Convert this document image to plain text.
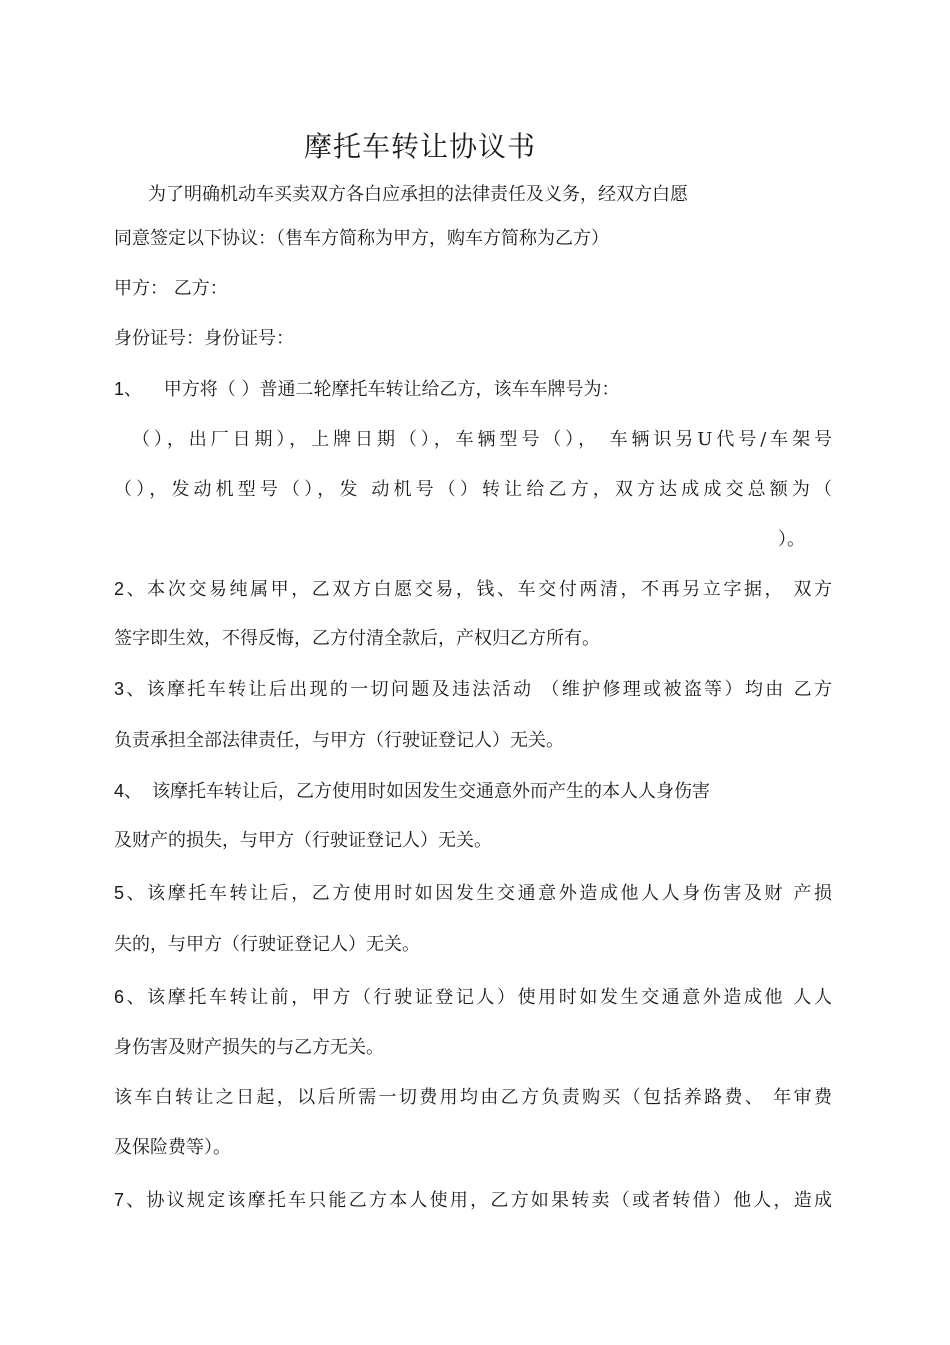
摩托车转让协议书
为了明确机动车买卖双方各白应承担的法律责任及义务，经双方白愿
同意签定以下协议：（售车方简称为甲方，购车方简称为乙方）
甲方： 乙方：
身份证号：身份证号：
1、 甲方将（ ）普通二轮摩托车转让给乙方，该车车牌号为：
（），出厂日期），上牌日期（），车辆型号（）， 车辆识另U代号/车架号
（），发动机型号（），发 动机号（）转让给乙方，双方达成成交总额为（
）。
2、本次交易纯属甲，乙双方白愿交易，钱、车交付两清，不再另立字据， 双方
签字即生效，不得反悔，乙方付清全款后，产权归乙方所有。
3、该摩托车转让后出现的一切问题及违法活动 （维护修理或被盗等）均由 乙方
负责承担全部法律责任，与甲方（行驶证登记人）无关。
4、 该摩托车转让后，乙方使用时如因发生交通意外而产生的本人人身伤害
及财产的损失，与甲方（行驶证登记人）无关。
5、该摩托车转让后，乙方使用时如因发生交通意外造成他人人身伤害及财 产损
失的，与甲方（行驶证登记人）无关。
6、该摩托车转让前，甲方（行驶证登记人）使用时如发生交通意外造成他 人人
身伤害及财产损失的与乙方无关。
该车白转让之日起，以后所需一切费用均由乙方负责购买（包括养路费、 年审费
及保险费等）。
7、协议规定该摩托车只能乙方本人使用，乙方如果转卖（或者转借）他人，造成
